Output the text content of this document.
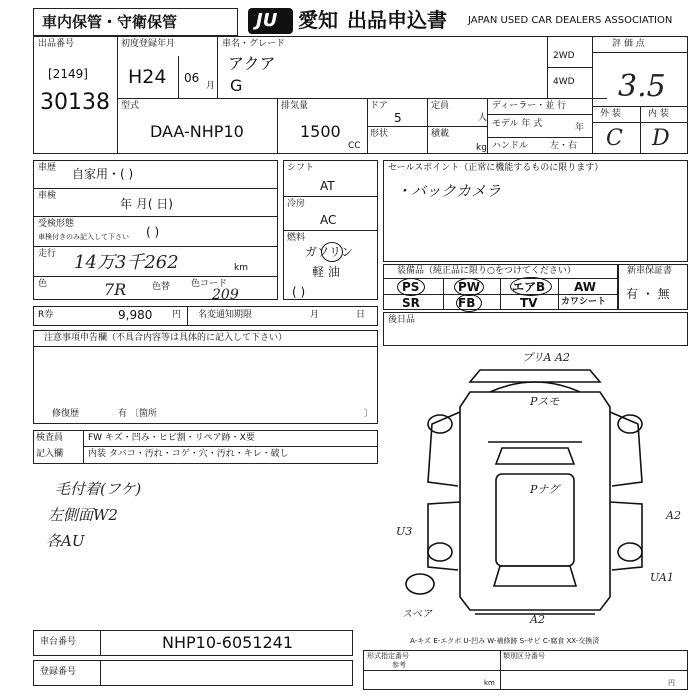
車内保管・守衛保管	JU 愛知 出品申込書 JAPAN USED CAR DEALERS ASSOCIATION
出品番号
[2149]
30138
初度登録年月
H24 06
月
車名・グレード
アクア
G
2WD
4WD
評 価 点
3.5
外 装	内 装
C D
型式
DAA-NHP10
排気量
1500
CC
ドア
5
形状
定員
人
積載
kg
ディーラー・並 行
モデル 年 式	年
ハンドル 左・右
車歴 自家用・( )
車検
年 月( 日)
受検形態
車検付きのみ記入して下さい ( )
走行 14万3千262	km
色	7R	色替 色コード
209
シフト
AT
冷房
AC
燃料
ガソリン
軽 油
( )
セールスポイント（正常に機能するものに限ります）
・バックカメラ
装備品（純正品に限り○をつけてください）
PS	PW	エアB AW
SR	FB	TV	カワシート
新車保証書
有 ・ 無
R券	9,980 円 名変通知期限	月	日	後日品
注意事項申告欄（不具合内容等は具体的に記入して下さい）
修復歴	有 〔箇所	〕
検査員
記入欄
FW キズ・凹み・ヒビ割・リペア跡・X要
内装 タバコ・汚れ・コゲ・穴・汚れ・キレ・破し
毛付着(フケ)
左側面W2
各AU
プリA A2
Pスモ
Pナグ
U3
A2
UA1
A2
スペア
A-キズ E-エクボ U-凹み W-補修跡 S-サビ C-腐食 XX-交換済
車台番号	NHP10-6051241
登録番号
形式指定番号	類別区分番号
参考
km	円
